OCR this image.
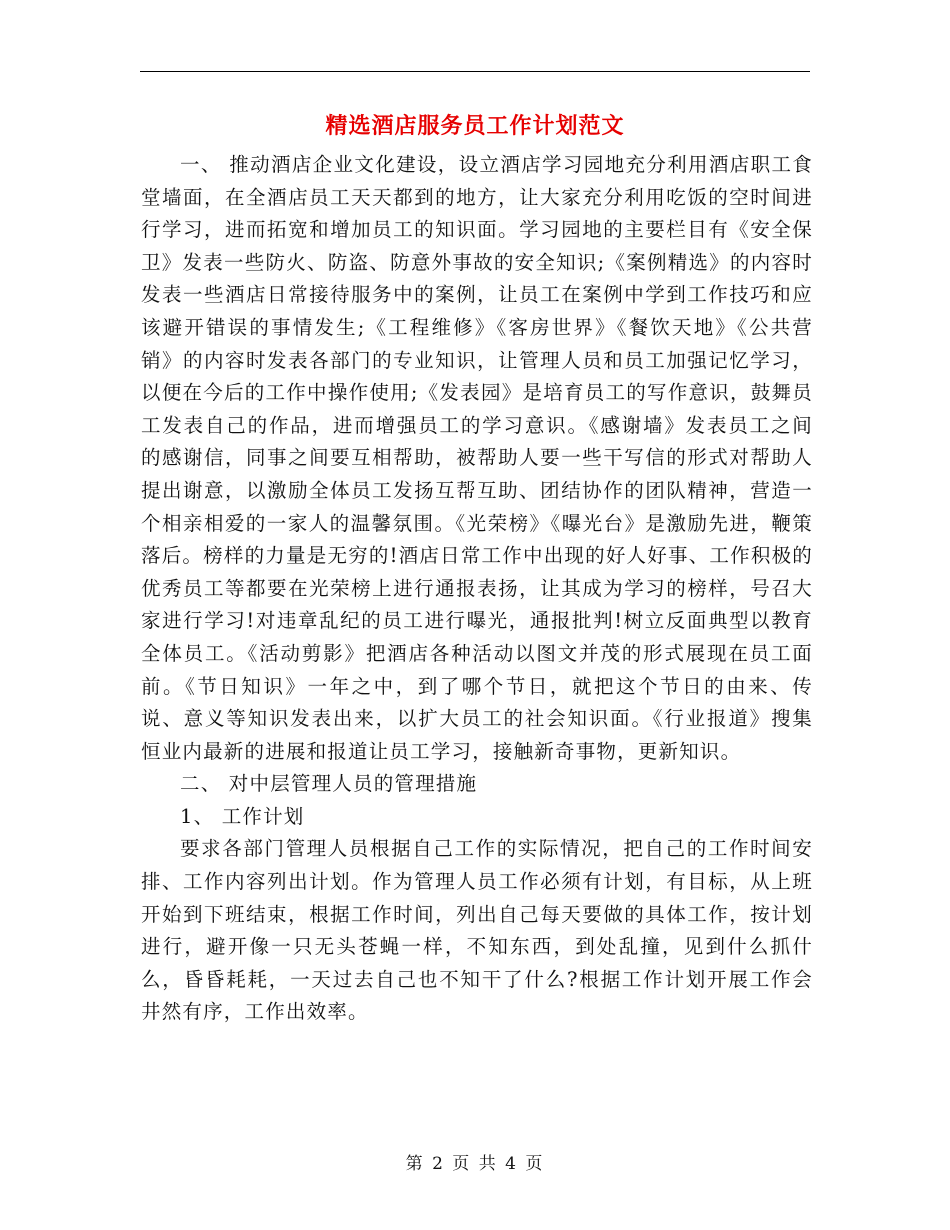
精选酒店服务员工作计划范文

一、 推动酒店企业文化建设，设立酒店学习园地充分利用酒店职工食堂墙面，在全酒店员工天天都到的地方，让大家充分利用吃饭的空时间进行学习，进而拓宽和增加员工的知识面。学习园地的主要栏目有《安全保卫》发表一些防火、防盗、防意外事故的安全知识;《案例精选》的内容时发表一些酒店日常接待服务中的案例，让员工在案例中学到工作技巧和应该避开错误的事情发生;《工程维修》《客房世界》《餐饮天地》《公共营销》的内容时发表各部门的专业知识，让管理人员和员工加强记忆学习，以便在今后的工作中操作使用;《发表园》是培育员工的写作意识，鼓舞员工发表自己的作品，进而增强员工的学习意识。《感谢墙》发表员工之间的感谢信，同事之间要互相帮助，被帮助人要一些干写信的形式对帮助人提出谢意，以激励全体员工发扬互帮互助、团结协作的团队精神，营造一个相亲相爱的一家人的温馨氛围。《光荣榜》《曝光台》是激励先进，鞭策落后。榜样的力量是无穷的!酒店日常工作中出现的好人好事、工作积极的优秀员工等都要在光荣榜上进行通报表扬，让其成为学习的榜样，号召大家进行学习!对违章乱纪的员工进行曝光，通报批判!树立反面典型以教育全体员工。《活动剪影》把酒店各种活动以图文并茂的形式展现在员工面前。《节日知识》一年之中，到了哪个节日，就把这个节日的由来、传说、意义等知识发表出来，以扩大员工的社会知识面。《行业报道》搜集恒业内最新的进展和报道让员工学习，接触新奇事物，更新知识。

二、 对中层管理人员的管理措施

1、 工作计划

要求各部门管理人员根据自己工作的实际情况，把自己的工作时间安排、工作内容列出计划。作为管理人员工作必须有计划，有目标，从上班开始到下班结束，根据工作时间，列出自己每天要做的具体工作，按计划进行，避开像一只无头苍蝇一样，不知东西，到处乱撞，见到什么抓什么，昏昏耗耗，一天过去自己也不知干了什么?根据工作计划开展工作会井然有序，工作出效率。

第 2 页 共 4 页
